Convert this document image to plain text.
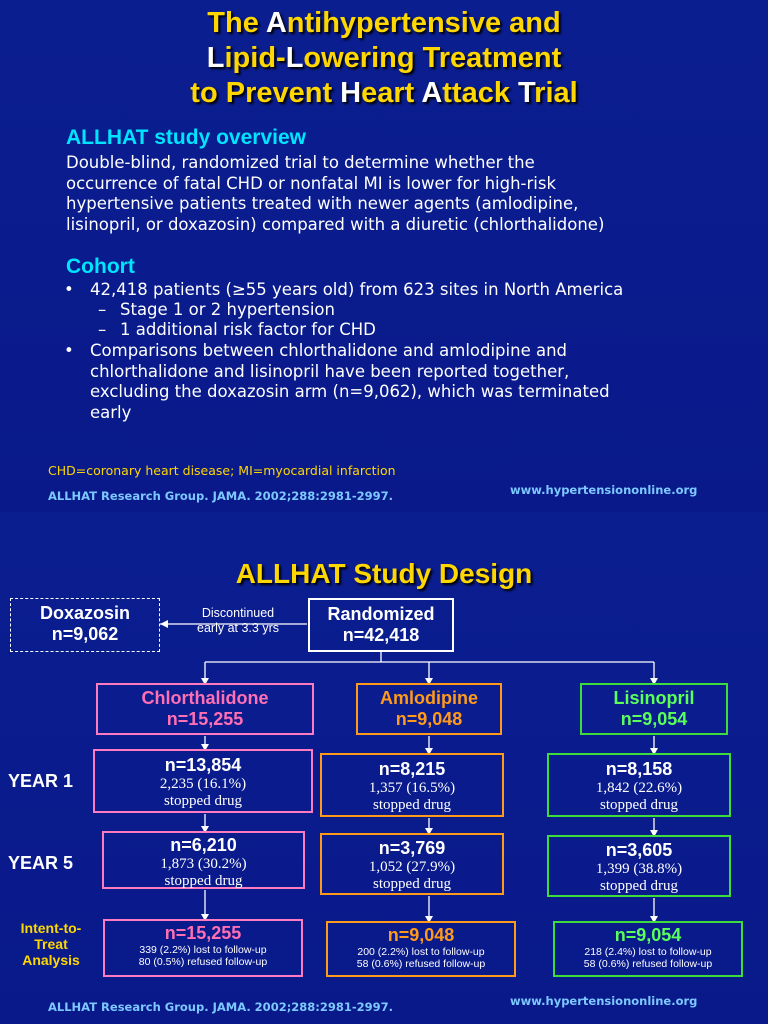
The Antihypertensive and
Lipid-Lowering Treatment
to Prevent Heart Attack Trial
ALLHAT study overview
Double-blind, randomized trial to determine whether the
occurrence of fatal CHD or nonfatal MI is lower for high-risk
hypertensive patients treated with newer agents (amlodipine,
lisinopril, or doxazosin) compared with a diuretic (chlorthalidone)
Cohort
• 42,418 patients (≥55 years old) from 623 sites in North America
– Stage 1 or 2 hypertension
– 1 additional risk factor for CHD
• Comparisons between chlorthalidone and amlodipine and
chlorthalidone and lisinopril have been reported together,
excluding the doxazosin arm (n=9,062), which was terminated
early
CHD=coronary heart disease; MI=myocardial infarction
ALLHAT Research Group. JAMA. 2002;288:2981-2997.	www.hypertensiononline.org
ALLHAT Study Design
Doxazosin
n=9,062
Discontinued
early at 3.3 yrs
Randomized
n=42,418
Chlorthalidone
n=15,255
Amlodipine
n=9,048
Lisinopril
n=9,054
YEAR 1
YEAR 5
Intent-to-
Treat
Analysis
n=13,854
2,235 (16.1%)
stopped drug
n=8,215
1,357 (16.5%)
stopped drug
n=8,158
1,842 (22.6%)
stopped drug
n=6,210
1,873 (30.2%)
stopped drug
n=3,769
1,052 (27.9%)
stopped drug
n=3,605
1,399 (38.8%)
stopped drug
n=15,255
339 (2.2%) lost to follow-up
80 (0.5%) refused follow-up
n=9,048
200 (2.2%) lost to follow-up
58 (0.6%) refused follow-up
n=9,054
218 (2.4%) lost to follow-up
58 (0.6%) refused follow-up
ALLHAT Research Group. JAMA. 2002;288:2981-2997.	www.hypertensiononline.org
